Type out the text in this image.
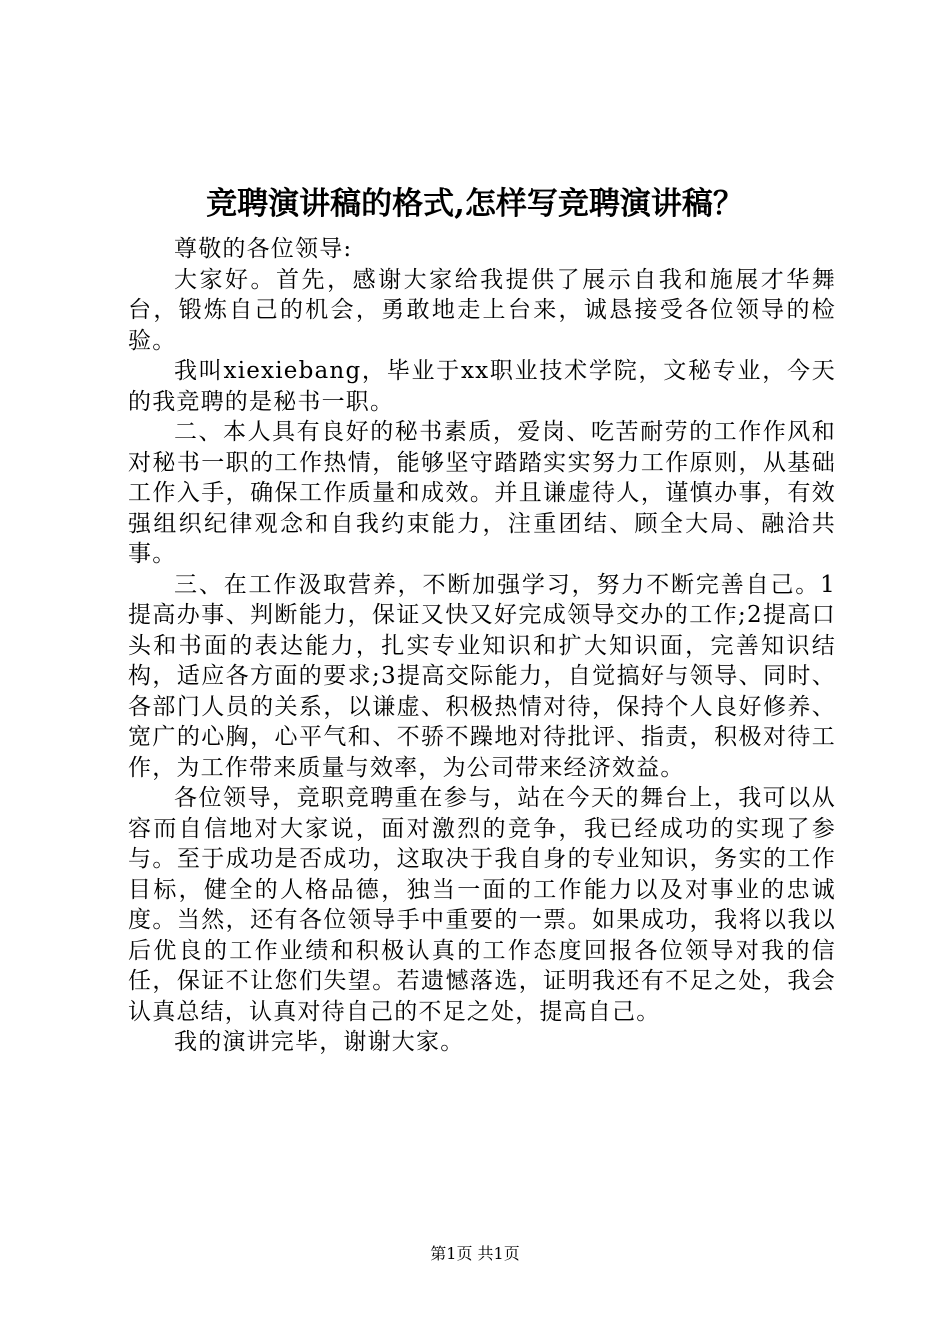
竞聘演讲稿的格式,怎样写竞聘演讲稿？

尊敬的各位领导:

大家好。首先，感谢大家给我提供了展示自我和施展才华舞台，锻炼自己的机会，勇敢地走上台来，诚恳接受各位领导的检验。

我叫xiexiebang，毕业于xx职业技术学院，文秘专业，今天的我竞聘的是秘书一职。

二、本人具有良好的秘书素质，爱岗、吃苦耐劳的工作作风和对秘书一职的工作热情，能够坚守踏踏实实努力工作原则，从基础工作入手，确保工作质量和成效。并且谦虚待人，谨慎办事，有效强组织纪律观念和自我约束能力，注重团结、顾全大局、融洽共事。

三、在工作汲取营养，不断加强学习，努力不断完善自己。1提高办事、判断能力，保证又快又好完成领导交办的工作;2提高口头和书面的表达能力，扎实专业知识和扩大知识面，完善知识结构，适应各方面的要求;3提高交际能力，自觉搞好与领导、同时、各部门人员的关系，以谦虚、积极热情对待，保持个人良好修养、宽广的心胸，心平气和、不骄不躁地对待批评、指责，积极对待工作，为工作带来质量与效率，为公司带来经济效益。

各位领导，竞职竞聘重在参与，站在今天的舞台上，我可以从容而自信地对大家说，面对激烈的竞争，我已经成功的实现了参与。至于成功是否成功，这取决于我自身的专业知识，务实的工作目标，健全的人格品德，独当一面的工作能力以及对事业的忠诚度。当然，还有各位领导手中重要的一票。如果成功，我将以我以后优良的工作业绩和积极认真的工作态度回报各位领导对我的信任，保证不让您们失望。若遗憾落选，证明我还有不足之处，我会认真总结，认真对待自己的不足之处，提高自己。

我的演讲完毕，谢谢大家。

第1页 共1页
